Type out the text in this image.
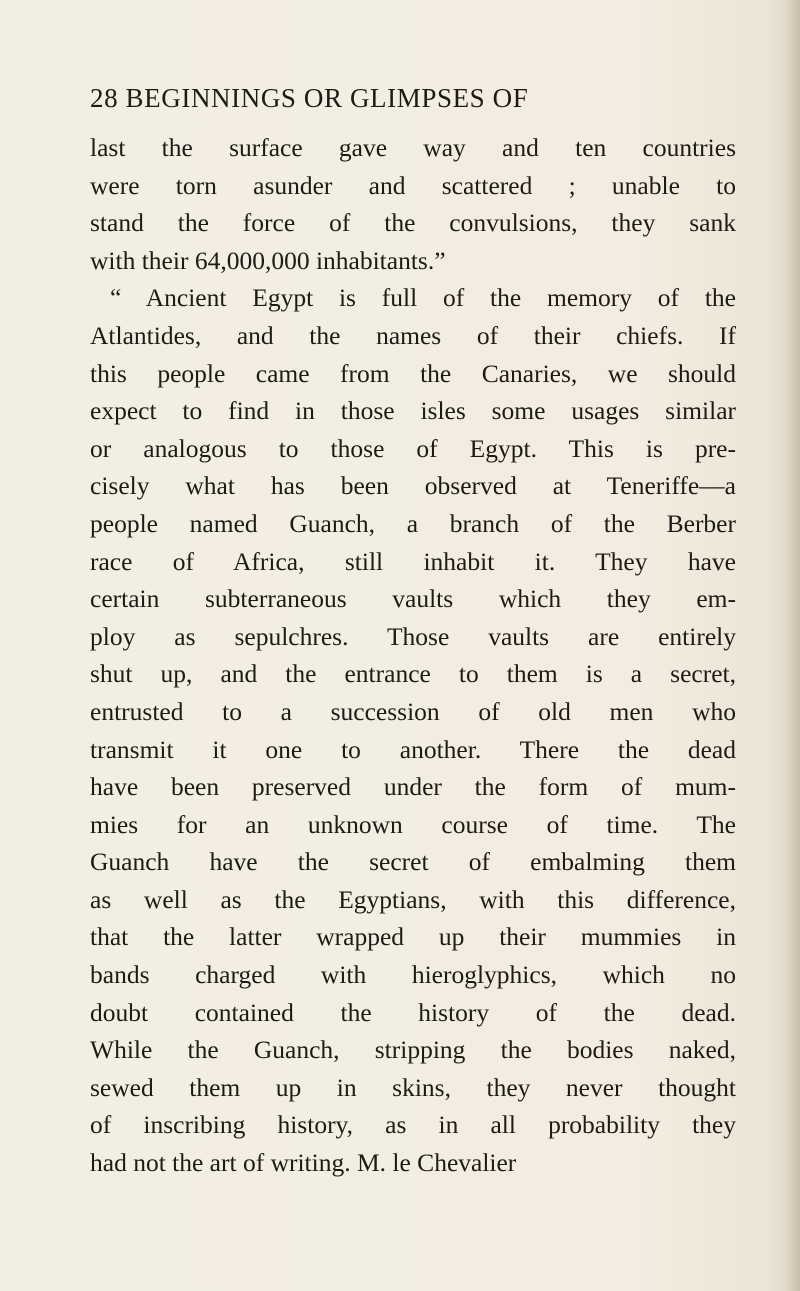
28 BEGINNINGS OR GLIMPSES OF
last the surface gave way and ten countries
were torn asunder and scattered ; unable to
stand the force of the convulsions, they sank
with their 64,000,000 inhabitants.”
“ Ancient Egypt is full of the memory of the
Atlantides, and the names of their chiefs. If
this people came from the Canaries, we should
expect to find in those isles some usages similar
or analogous to those of Egypt. This is pre-
cisely what has been observed at Teneriffe—a
people named Guanch, a branch of the Berber
race of Africa, still inhabit it. They have
certain subterraneous vaults which they em-
ploy as sepulchres. Those vaults are entirely
shut up, and the entrance to them is a secret,
entrusted to a succession of old men who
transmit it one to another. There the dead
have been preserved under the form of mum-
mies for an unknown course of time. The
Guanch have the secret of embalming them
as well as the Egyptians, with this difference,
that the latter wrapped up their mummies in
bands charged with hieroglyphics, which no
doubt contained the history of the dead.
While the Guanch, stripping the bodies naked,
sewed them up in skins, they never thought
of inscribing history, as in all probability they
had not the art of writing. M. le Chevalier
